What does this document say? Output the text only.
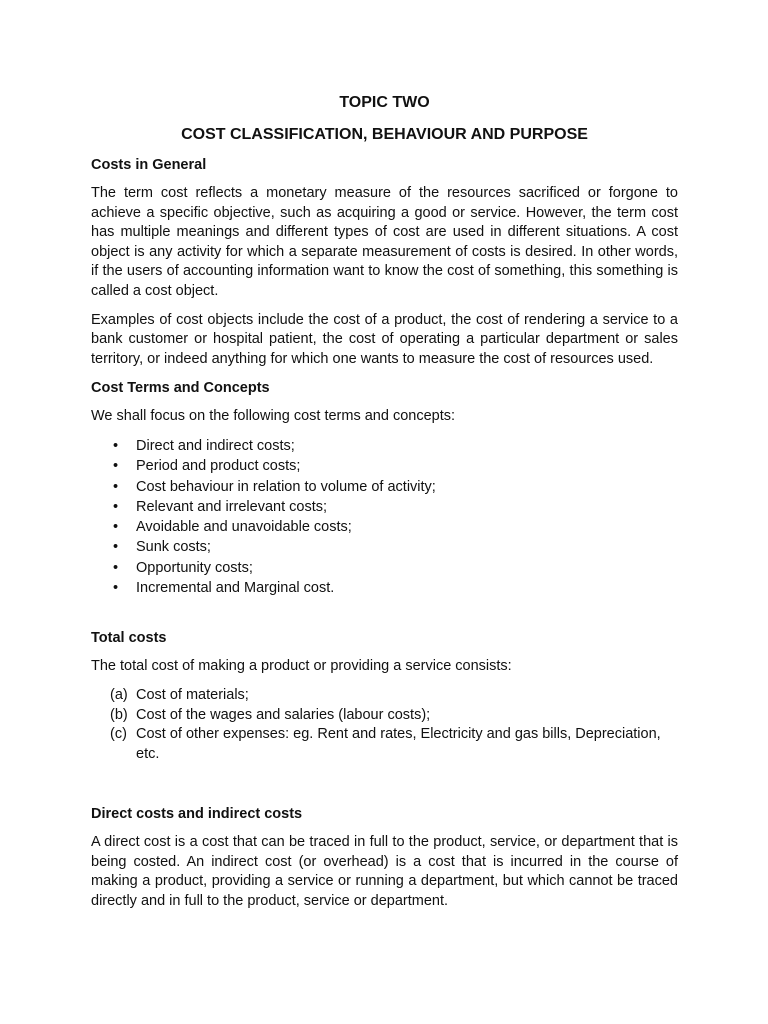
TOPIC TWO
COST CLASSIFICATION, BEHAVIOUR AND PURPOSE
Costs in General

The term cost reflects a monetary measure of the resources sacrificed or forgone to achieve a specific objective, such as acquiring a good or service. However, the term cost has multiple meanings and different types of cost are used in different situations. A cost object is any activity for which a separate measurement of costs is desired. In other words, if the users of accounting information want to know the cost of something, this something is called a cost object.

Examples of cost objects include the cost of a product, the cost of rendering a service to a bank customer or hospital patient, the cost of operating a particular department or sales territory, or indeed anything for which one wants to measure the cost of resources used.

Cost Terms and Concepts

We shall focus on the following cost terms and concepts:

• Direct and indirect costs;
• Period and product costs;
• Cost behaviour in relation to volume of activity;
• Relevant and irrelevant costs;
• Avoidable and unavoidable costs;
• Sunk costs;
• Opportunity costs;
• Incremental and Marginal cost.
Total costs

The total cost of making a product or providing a service consists:

(a) Cost of materials;
(b) Cost of the wages and salaries (labour costs);
(c) Cost of other expenses: eg. Rent and rates, Electricity and gas bills, Depreciation, etc.
Direct costs and indirect costs

A direct cost is a cost that can be traced in full to the product, service, or department that is being costed. An indirect cost (or overhead) is a cost that is incurred in the course of making a product, providing a service or running a department, but which cannot be traced directly and in full to the product, service or department.
